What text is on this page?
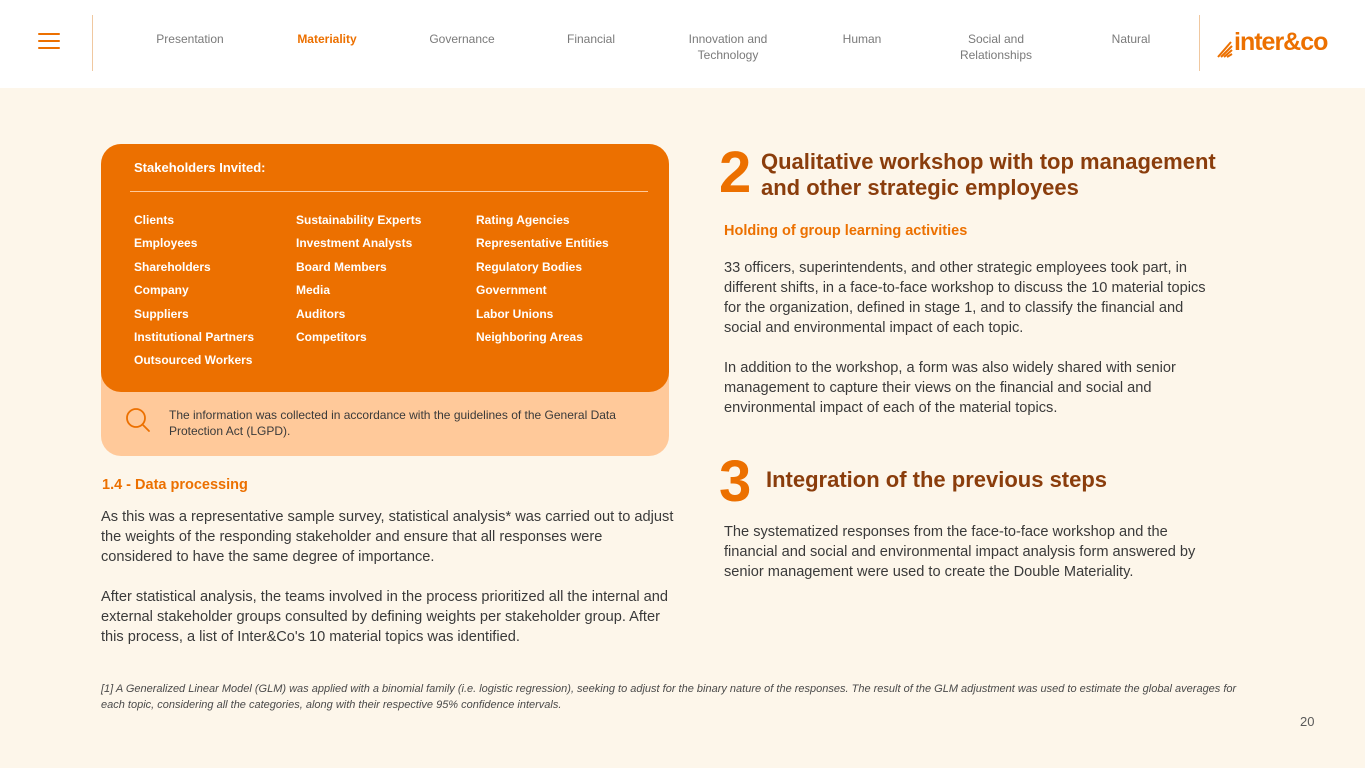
Presentation	Materiality	Governance	Financial	Innovation and Technology
Human	Social and Relationships
Natural	inter&co
Stakeholders Invited:
Clients
Employees
Shareholders
Company
Suppliers
Institutional Partners
Outsourced Workers
Sustainability Experts
Investment Analysts
Board Members
Media
Auditors
Competitors
Rating Agencies
Representative Entities
Regulatory Bodies
Government
Labor Unions
Neighboring Areas
The information was collected in accordance with the guidelines of the General Data Protection Act (LGPD).
1.4 - Data processing

As this was a representative sample survey, statistical analysis* was carried out to adjust the weights of the responding stakeholder and ensure that all responses were considered to have the same degree of importance.

After statistical analysis, the teams involved in the process prioritized all the internal and external stakeholder groups consulted by defining weights per stakeholder group. After this process, a list of Inter&Co's 10 material topics was identified.

2 Qualitative workshop with top management and other strategic employees
Holding of group learning activities

33 officers, superintendents, and other strategic employees took part, in different shifts, in a face-to-face workshop to discuss the 10 material topics for the organization, defined in stage 1, and to classify the financial and social and environmental impact of each topic.

In addition to the workshop, a form was also widely shared with senior management to capture their views on the financial and social and environmental impact of each of the material topics.

3 Integration of the previous steps

The systematized responses from the face-to-face workshop and the financial and social and environmental impact analysis form answered by senior management were used to create the Double Materiality.

[1] A Generalized Linear Model (GLM) was applied with a binomial family (i.e. logistic regression), seeking to adjust for the binary nature of the responses. The result of the GLM adjustment was used to estimate the global averages for each topic, considering all the categories, along with their respective 95% confidence intervals.
20
